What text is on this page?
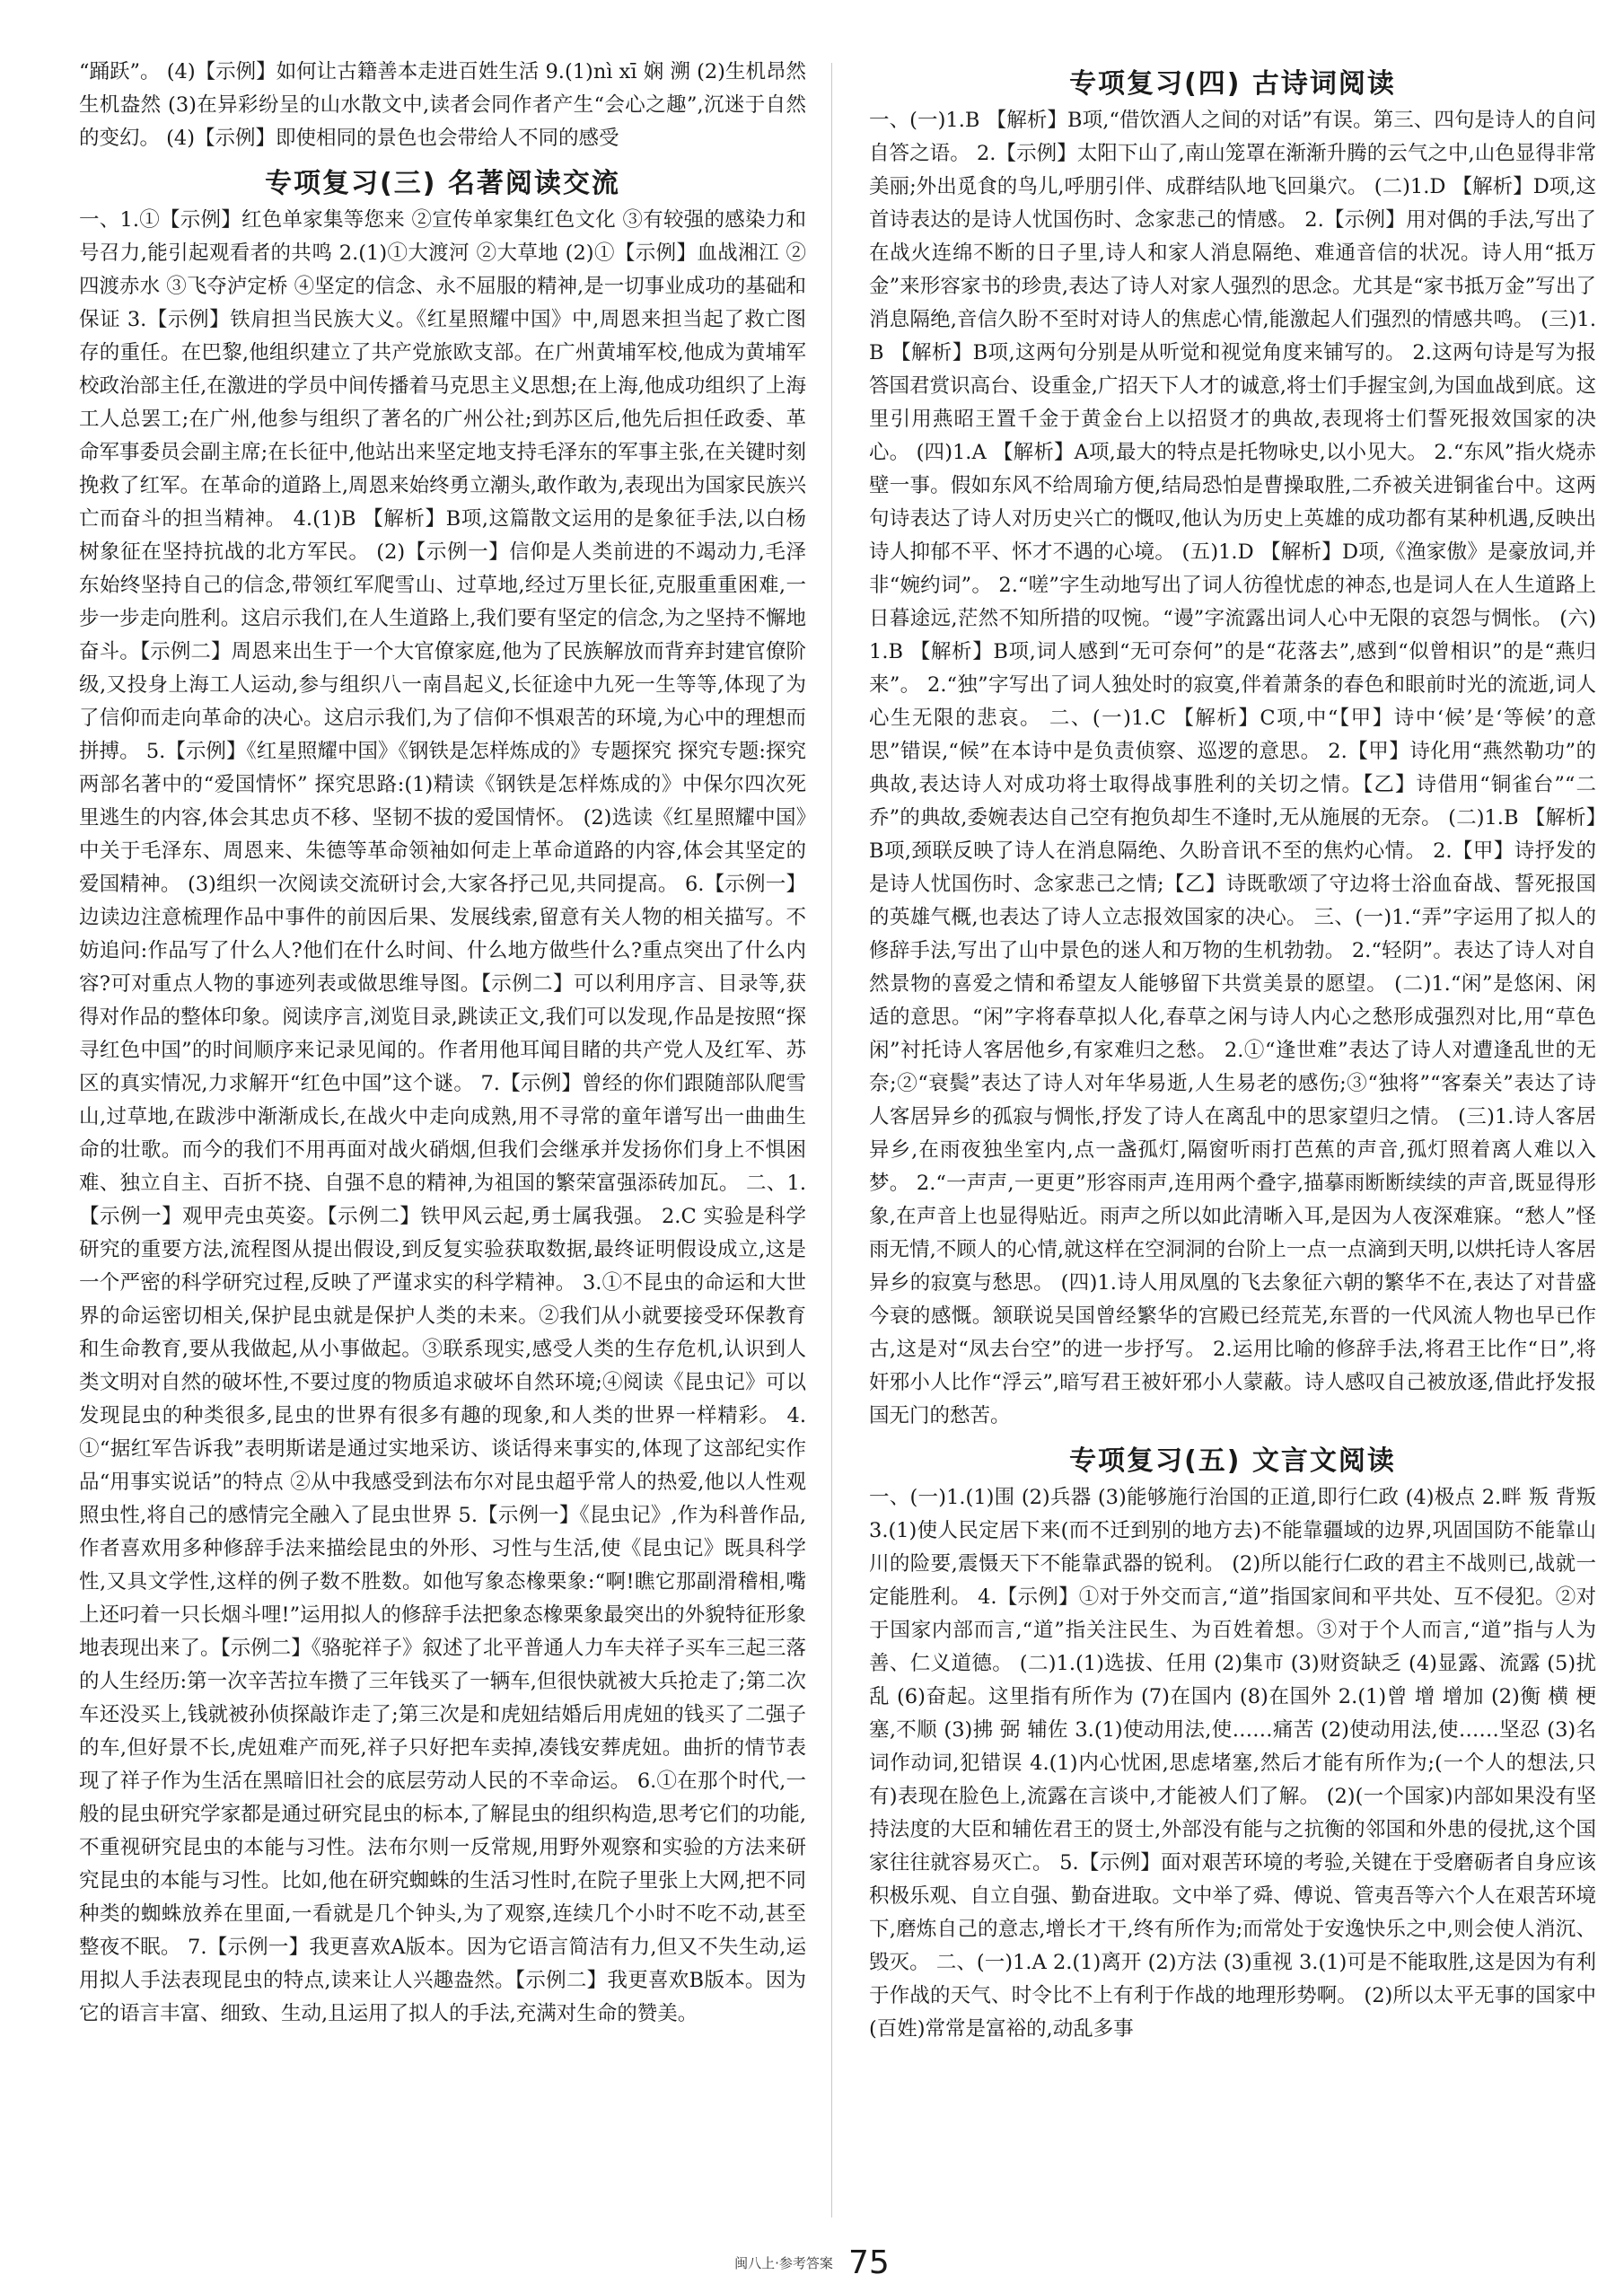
“踊跃”。 (4)【示例】如何让古籍善本走进百姓生活 9.(1)nì xī 娴 溯 (2)生机昂然 生机盎然 (3)在异彩纷呈的山水散文中,读者会同作者产生“会心之趣”,沉迷于自然的变幻。 (4)【示例】即使相同的景色也会带给人不同的感受

专项复习(三) 名著阅读交流

一、1.①【示例】红色单家集等您来 ②宣传单家集红色文化 ③有较强的感染力和号召力,能引起观看者的共鸣 2.(1)①大渡河 ②大草地 (2)①【示例】血战湘江 ②四渡赤水 ③飞夺泸定桥 ④坚定的信念、永不屈服的精神,是一切事业成功的基础和保证 3.【示例】铁肩担当民族大义。《红星照耀中国》中,周恩来担当起了救亡图存的重任。在巴黎,他组织建立了共产党旅欧支部。在广州黄埔军校,他成为黄埔军校政治部主任,在激进的学员中间传播着马克思主义思想;在上海,他成功组织了上海工人总罢工;在广州,他参与组织了著名的广州公社;到苏区后,他先后担任政委、革命军事委员会副主席;在长征中,他站出来坚定地支持毛泽东的军事主张,在关键时刻挽救了红军。在革命的道路上,周恩来始终勇立潮头,敢作敢为,表现出为国家民族兴亡而奋斗的担当精神。 4.(1)B 【解析】B项,这篇散文运用的是象征手法,以白杨树象征在坚持抗战的北方军民。 (2)【示例一】信仰是人类前进的不竭动力,毛泽东始终坚持自己的信念,带领红军爬雪山、过草地,经过万里长征,克服重重困难,一步一步走向胜利。这启示我们,在人生道路上,我们要有坚定的信念,为之坚持不懈地奋斗。【示例二】周恩来出生于一个大官僚家庭,他为了民族解放而背弃封建官僚阶级,又投身上海工人运动,参与组织八一南昌起义,长征途中九死一生等等,体现了为了信仰而走向革命的决心。这启示我们,为了信仰不惧艰苦的环境,为心中的理想而拼搏。 5.【示例】《红星照耀中国》《钢铁是怎样炼成的》专题探究 探究专题:探究两部名著中的“爱国情怀” 探究思路:(1)精读《钢铁是怎样炼成的》中保尔四次死里逃生的内容,体会其忠贞不移、坚韧不拔的爱国情怀。 (2)选读《红星照耀中国》中关于毛泽东、周恩来、朱德等革命领袖如何走上革命道路的内容,体会其坚定的爱国精神。 (3)组织一次阅读交流研讨会,大家各抒己见,共同提高。 6.【示例一】边读边注意梳理作品中事件的前因后果、发展线索,留意有关人物的相关描写。不妨追问:作品写了什么人?他们在什么时间、什么地方做些什么?重点突出了什么内容?可对重点人物的事迹列表或做思维导图。【示例二】可以利用序言、目录等,获得对作品的整体印象。阅读序言,浏览目录,跳读正文,我们可以发现,作品是按照“探寻红色中国”的时间顺序来记录见闻的。作者用他耳闻目睹的共产党人及红军、苏区的真实情况,力求解开“红色中国”这个谜。 7.【示例】曾经的你们跟随部队爬雪山,过草地,在跋涉中渐渐成长,在战火中走向成熟,用不寻常的童年谱写出一曲曲生命的壮歌。而今的我们不用再面对战火硝烟,但我们会继承并发扬你们身上不惧困难、独立自主、百折不挠、自强不息的精神,为祖国的繁荣富强添砖加瓦。 二、1.【示例一】观甲壳虫英姿。【示例二】铁甲风云起,勇士属我强。 2.C 实验是科学研究的重要方法,流程图从提出假设,到反复实验获取数据,最终证明假设成立,这是一个严密的科学研究过程,反映了严谨求实的科学精神。 3.①不昆虫的命运和大世界的命运密切相关,保护昆虫就是保护人类的未来。②我们从小就要接受环保教育和生命教育,要从我做起,从小事做起。③联系现实,感受人类的生存危机,认识到人类文明对自然的破坏性,不要过度的物质追求破坏自然环境;④阅读《昆虫记》可以发现昆虫的种类很多,昆虫的世界有很多有趣的现象,和人类的世界一样精彩。 4.①“据红军告诉我”表明斯诺是通过实地采访、谈话得来事实的,体现了这部纪实作品“用事实说话”的特点 ②从中我感受到法布尔对昆虫超乎常人的热爱,他以人性观照虫性,将自己的感情完全融入了昆虫世界 5.【示例一】《昆虫记》,作为科普作品,作者喜欢用多种修辞手法来描绘昆虫的外形、习性与生活,使《昆虫记》既具科学性,又具文学性,这样的例子数不胜数。如他写象态橡栗象:“啊!瞧它那副滑稽相,嘴上还叼着一只长烟斗哩!”运用拟人的修辞手法把象态橡栗象最突出的外貌特征形象地表现出来了。【示例二】《骆驼祥子》叙述了北平普通人力车夫祥子买车三起三落的人生经历:第一次辛苦拉车攒了三年钱买了一辆车,但很快就被大兵抢走了;第二次车还没买上,钱就被孙侦探敲诈走了;第三次是和虎妞结婚后用虎妞的钱买了二强子的车,但好景不长,虎妞难产而死,祥子只好把车卖掉,凑钱安葬虎妞。曲折的情节表现了祥子作为生活在黑暗旧社会的底层劳动人民的不幸命运。 6.①在那个时代,一般的昆虫研究学家都是通过研究昆虫的标本,了解昆虫的组织构造,思考它们的功能,不重视研究昆虫的本能与习性。法布尔则一反常规,用野外观察和实验的方法来研究昆虫的本能与习性。比如,他在研究蜘蛛的生活习性时,在院子里张上大网,把不同种类的蜘蛛放养在里面,一看就是几个钟头,为了观察,连续几个小时不吃不动,甚至整夜不眠。 7.【示例一】我更喜欢A版本。因为它语言简洁有力,但又不失生动,运用拟人手法表现昆虫的特点,读来让人兴趣盎然。【示例二】我更喜欢B版本。因为它的语言丰富、细致、生动,且运用了拟人的手法,充满对生命的赞美。

专项复习(四) 古诗词阅读

一、(一)1.B 【解析】B项,“借饮酒人之间的对话”有误。第三、四句是诗人的自问自答之语。 2.【示例】太阳下山了,南山笼罩在渐渐升腾的云气之中,山色显得非常美丽;外出觅食的鸟儿,呼朋引伴、成群结队地飞回巢穴。 (二)1.D 【解析】D项,这首诗表达的是诗人忧国伤时、念家悲己的情感。 2.【示例】用对偶的手法,写出了在战火连绵不断的日子里,诗人和家人消息隔绝、难通音信的状况。诗人用“抵万金”来形容家书的珍贵,表达了诗人对家人强烈的思念。尤其是“家书抵万金”写出了消息隔绝,音信久盼不至时对诗人的焦虑心情,能激起人们强烈的情感共鸣。 (三)1.B 【解析】B项,这两句分别是从听觉和视觉角度来铺写的。 2.这两句诗是写为报答国君赏识高台、设重金,广招天下人才的诚意,将士们手握宝剑,为国血战到底。这里引用燕昭王置千金于黄金台上以招贤才的典故,表现将士们誓死报效国家的决心。 (四)1.A 【解析】A项,最大的特点是托物咏史,以小见大。 2.“东风”指火烧赤壁一事。假如东风不给周瑜方便,结局恐怕是曹操取胜,二乔被关进铜雀台中。这两句诗表达了诗人对历史兴亡的慨叹,他认为历史上英雄的成功都有某种机遇,反映出诗人抑郁不平、怀才不遇的心境。 (五)1.D 【解析】D项,《渔家傲》是豪放词,并非“婉约词”。 2.“嗟”字生动地写出了词人彷徨忧虑的神态,也是词人在人生道路上日暮途远,茫然不知所措的叹惋。“谩”字流露出词人心中无限的哀怨与惆怅。 (六)1.B 【解析】B项,词人感到“无可奈何”的是“花落去”,感到“似曾相识”的是“燕归来”。 2.“独”字写出了词人独处时的寂寞,伴着萧条的春色和眼前时光的流逝,词人心生无限的悲哀。 二、(一)1.C 【解析】C项,中“【甲】诗中‘候’是‘等候’的意思”错误,“候”在本诗中是负责侦察、巡逻的意思。 2.【甲】诗化用“燕然勒功”的典故,表达诗人对成功将士取得战事胜利的关切之情。【乙】诗借用“铜雀台”“二乔”的典故,委婉表达自己空有抱负却生不逢时,无从施展的无奈。 (二)1.B 【解析】B项,颈联反映了诗人在消息隔绝、久盼音讯不至的焦灼心情。 2.【甲】诗抒发的是诗人忧国伤时、念家悲己之情;【乙】诗既歌颂了守边将士浴血奋战、誓死报国的英雄气概,也表达了诗人立志报效国家的决心。 三、(一)1.“弄”字运用了拟人的修辞手法,写出了山中景色的迷人和万物的生机勃勃。 2.“轻阴”。表达了诗人对自然景物的喜爱之情和希望友人能够留下共赏美景的愿望。 (二)1.“闲”是悠闲、闲适的意思。“闲”字将春草拟人化,春草之闲与诗人内心之愁形成强烈对比,用“草色闲”衬托诗人客居他乡,有家难归之愁。 2.①“逢世难”表达了诗人对遭逢乱世的无奈;②“衰鬓”表达了诗人对年华易逝,人生易老的感伤;③“独将”“客秦关”表达了诗人客居异乡的孤寂与惆怅,抒发了诗人在离乱中的思家望归之情。 (三)1.诗人客居异乡,在雨夜独坐室内,点一盏孤灯,隔窗听雨打芭蕉的声音,孤灯照着离人难以入梦。 2.“一声声,一更更”形容雨声,连用两个叠字,描摹雨断断续续的声音,既显得形象,在声音上也显得贴近。雨声之所以如此清晰入耳,是因为人夜深难寐。“愁人”怪雨无情,不顾人的心情,就这样在空洞洞的台阶上一点一点滴到天明,以烘托诗人客居异乡的寂寞与愁思。 (四)1.诗人用凤凰的飞去象征六朝的繁华不在,表达了对昔盛今衰的感慨。颔联说吴国曾经繁华的宫殿已经荒芜,东晋的一代风流人物也早已作古,这是对“凤去台空”的进一步抒写。 2.运用比喻的修辞手法,将君王比作“日”,将奸邪小人比作“浮云”,暗写君王被奸邪小人蒙蔽。诗人感叹自己被放逐,借此抒发报国无门的愁苦。

专项复习(五) 文言文阅读

一、(一)1.(1)围 (2)兵器 (3)能够施行治国的正道,即行仁政 (4)极点 2.畔 叛 背叛 3.(1)使人民定居下来(而不迁到别的地方去)不能靠疆域的边界,巩固国防不能靠山川的险要,震慑天下不能靠武器的锐利。 (2)所以能行仁政的君主不战则已,战就一定能胜利。 4.【示例】①对于外交而言,“道”指国家间和平共处、互不侵犯。②对于国家内部而言,“道”指关注民生、为百姓着想。③对于个人而言,“道”指与人为善、仁义道德。 (二)1.(1)选拔、任用 (2)集市 (3)财资缺乏 (4)显露、流露 (5)扰乱 (6)奋起。这里指有所作为 (7)在国内 (8)在国外 2.(1)曾 增 增加 (2)衡 横 梗塞,不顺 (3)拂 弼 辅佐 3.(1)使动用法,使……痛苦 (2)使动用法,使……坚忍 (3)名词作动词,犯错误 4.(1)内心忧困,思虑堵塞,然后才能有所作为;(一个人的想法,只有)表现在脸色上,流露在言谈中,才能被人们了解。 (2)(一个国家)内部如果没有坚持法度的大臣和辅佐君王的贤士,外部没有能与之抗衡的邻国和外患的侵扰,这个国家往往就容易灭亡。 5.【示例】面对艰苦环境的考验,关键在于受磨砺者自身应该积极乐观、自立自强、勤奋进取。文中举了舜、傅说、管夷吾等六个人在艰苦环境下,磨炼自己的意志,增长才干,终有所作为;而常处于安逸快乐之中,则会使人消沉、毁灭。 二、(一)1.A 2.(1)离开 (2)方法 (3)重视 3.(1)可是不能取胜,这是因为有利于作战的天气、时令比不上有利于作战的地理形势啊。 (2)所以太平无事的国家中(百姓)常常是富裕的,动乱多事

闽八上·参考答案 75
